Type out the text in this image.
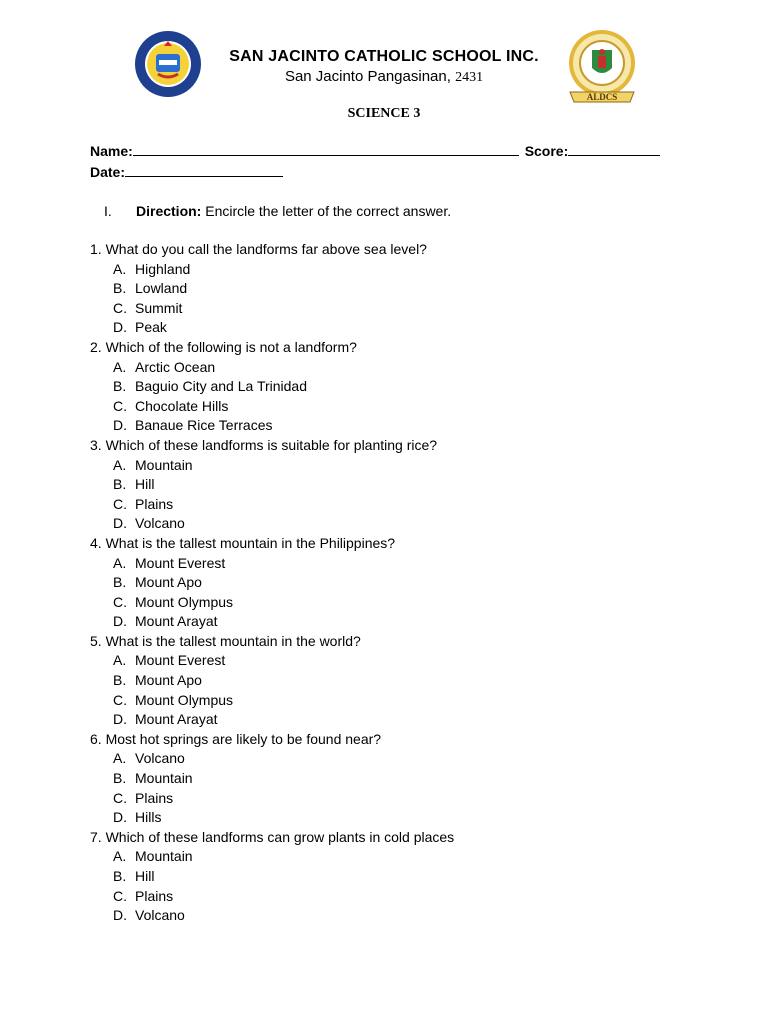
ALDCS
SAN JACINTO CATHOLIC SCHOOL INC.
San Jacinto Pangasinan, 2431
SCIENCE 3
Name:	Score:
Date:
I. Direction: Encircle the letter of the correct answer.
1. What do you call the landforms far above sea level?
A. Highland
B. Lowland
C. Summit
D. Peak
2. Which of the following is not a landform?
A. Arctic Ocean
B. Baguio City and La Trinidad
C. Chocolate Hills
D. Banaue Rice Terraces
3. Which of these landforms is suitable for planting rice?
A. Mountain
B. Hill
C. Plains
D. Volcano
4. What is the tallest mountain in the Philippines?
A. Mount Everest
B. Mount Apo
C. Mount Olympus
D. Mount Arayat
5. What is the tallest mountain in the world?
A. Mount Everest
B. Mount Apo
C. Mount Olympus
D. Mount Arayat
6. Most hot springs are likely to be found near?
A. Volcano
B. Mountain
C. Plains
D. Hills
7. Which of these landforms can grow plants in cold places
A. Mountain
B. Hill
C. Plains
D. Volcano
